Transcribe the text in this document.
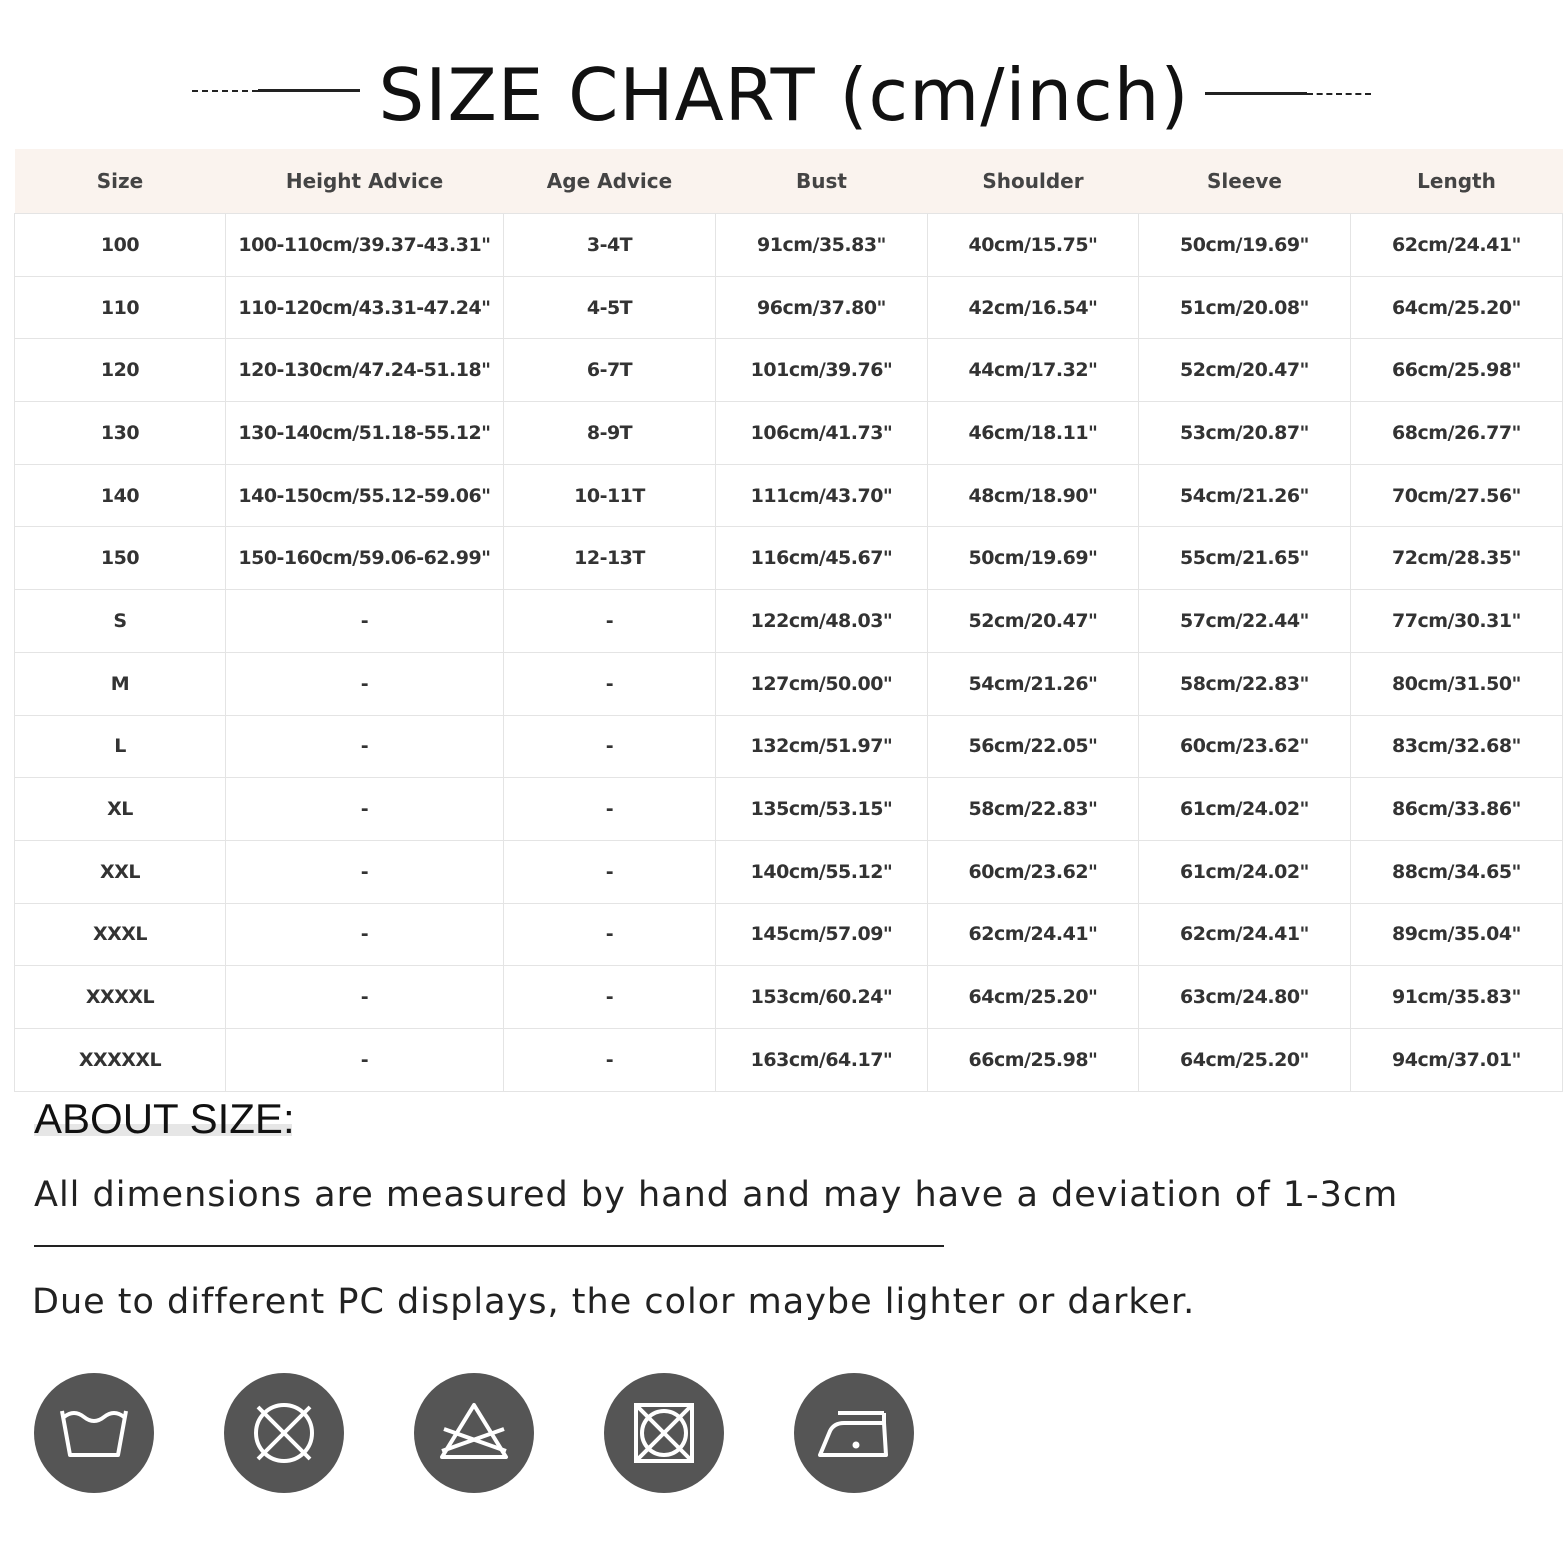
SIZE CHART (cm/inch)
Size	Height Advice	Age Advice	Bust	Shoulder	Sleeve	Length
100	100-110cm/39.37-43.31"	3-4T	91cm/35.83"	40cm/15.75"	50cm/19.69"	62cm/24.41"
110	110-120cm/43.31-47.24"	4-5T	96cm/37.80"	42cm/16.54"	51cm/20.08"	64cm/25.20"
120	120-130cm/47.24-51.18"	6-7T	101cm/39.76"	44cm/17.32"	52cm/20.47"	66cm/25.98"
130	130-140cm/51.18-55.12"	8-9T	106cm/41.73"	46cm/18.11"	53cm/20.87"	68cm/26.77"
140	140-150cm/55.12-59.06"	10-11T	111cm/43.70"	48cm/18.90"	54cm/21.26"	70cm/27.56"
150	150-160cm/59.06-62.99"	12-13T	116cm/45.67"	50cm/19.69"	55cm/21.65"	72cm/28.35"
S	-	-	122cm/48.03"	52cm/20.47"	57cm/22.44"	77cm/30.31"
M	-	-	127cm/50.00"	54cm/21.26"	58cm/22.83"	80cm/31.50"
L	-	-	132cm/51.97"	56cm/22.05"	60cm/23.62"	83cm/32.68"
XL	-	-	135cm/53.15"	58cm/22.83"	61cm/24.02"	86cm/33.86"
XXL	-	-	140cm/55.12"	60cm/23.62"	61cm/24.02"	88cm/34.65"
XXXL	-	-	145cm/57.09"	62cm/24.41"	62cm/24.41"	89cm/35.04"
XXXXL	-	-	153cm/60.24"	64cm/25.20"	63cm/24.80"	91cm/35.83"
XXXXXL	-	-	163cm/64.17"	66cm/25.98"	64cm/25.20"	94cm/37.01"
ABOUT SIZE:
All dimensions are measured by hand and may have a deviation of 1-3cm
Due to different PC displays, the color maybe lighter or darker.
